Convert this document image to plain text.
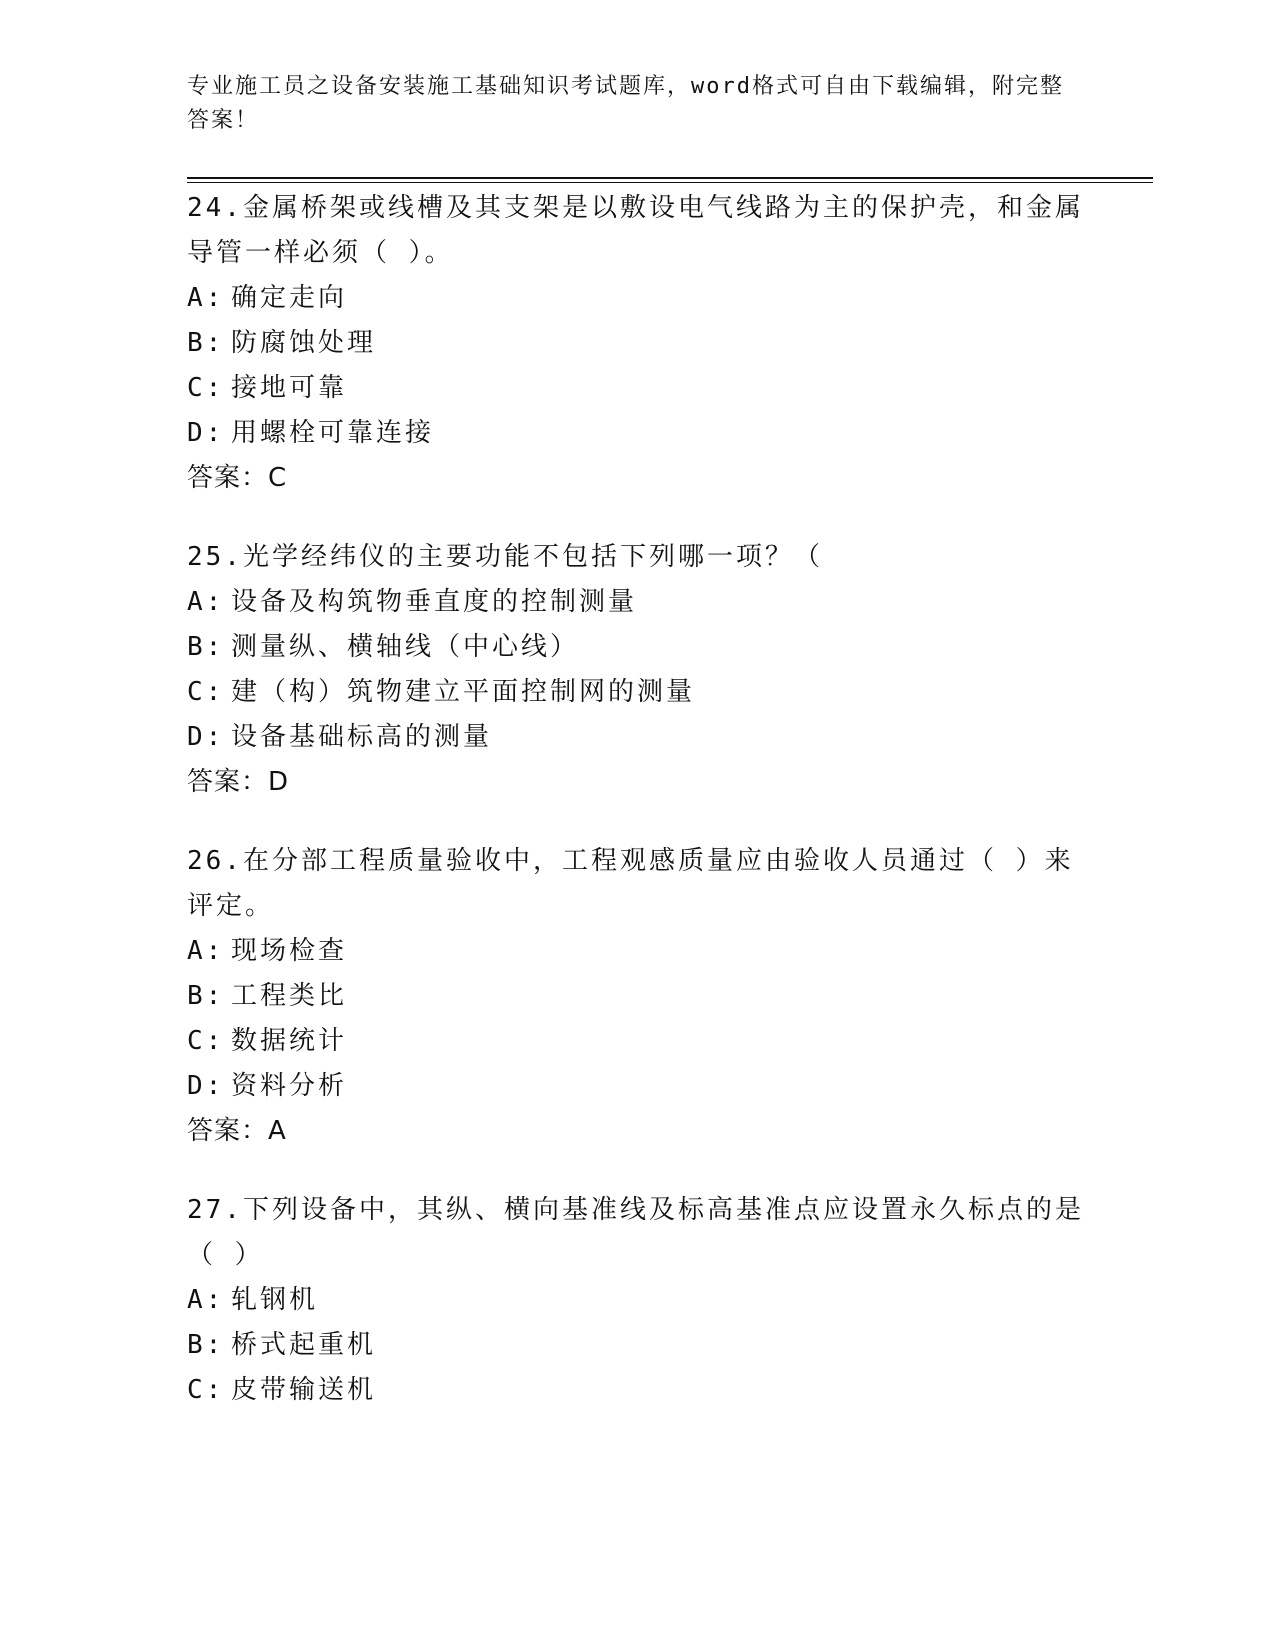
专业施工员之设备安装施工基础知识考试题库，word格式可自由下载编辑，附完整答案！

24.金属桥架或线槽及其支架是以敷设电气线路为主的保护壳，和金属导管一样必须（ ）。

A: 确定走向

B: 防腐蚀处理

C: 接地可靠

D: 用螺栓可靠连接

答案：C

25.光学经纬仪的主要功能不包括下列哪一项？（

A: 设备及构筑物垂直度的控制测量

B: 测量纵、横轴线（中心线）

C: 建（构）筑物建立平面控制网的测量

D: 设备基础标高的测量

答案：D

26.在分部工程质量验收中，工程观感质量应由验收人员通过（ ）来评定。

A: 现场检查

B: 工程类比

C: 数据统计

D: 资料分析

答案：A

27.下列设备中，其纵、横向基准线及标高基准点应设置永久标点的是（ ）

A: 轧钢机

B: 桥式起重机

C: 皮带输送机
